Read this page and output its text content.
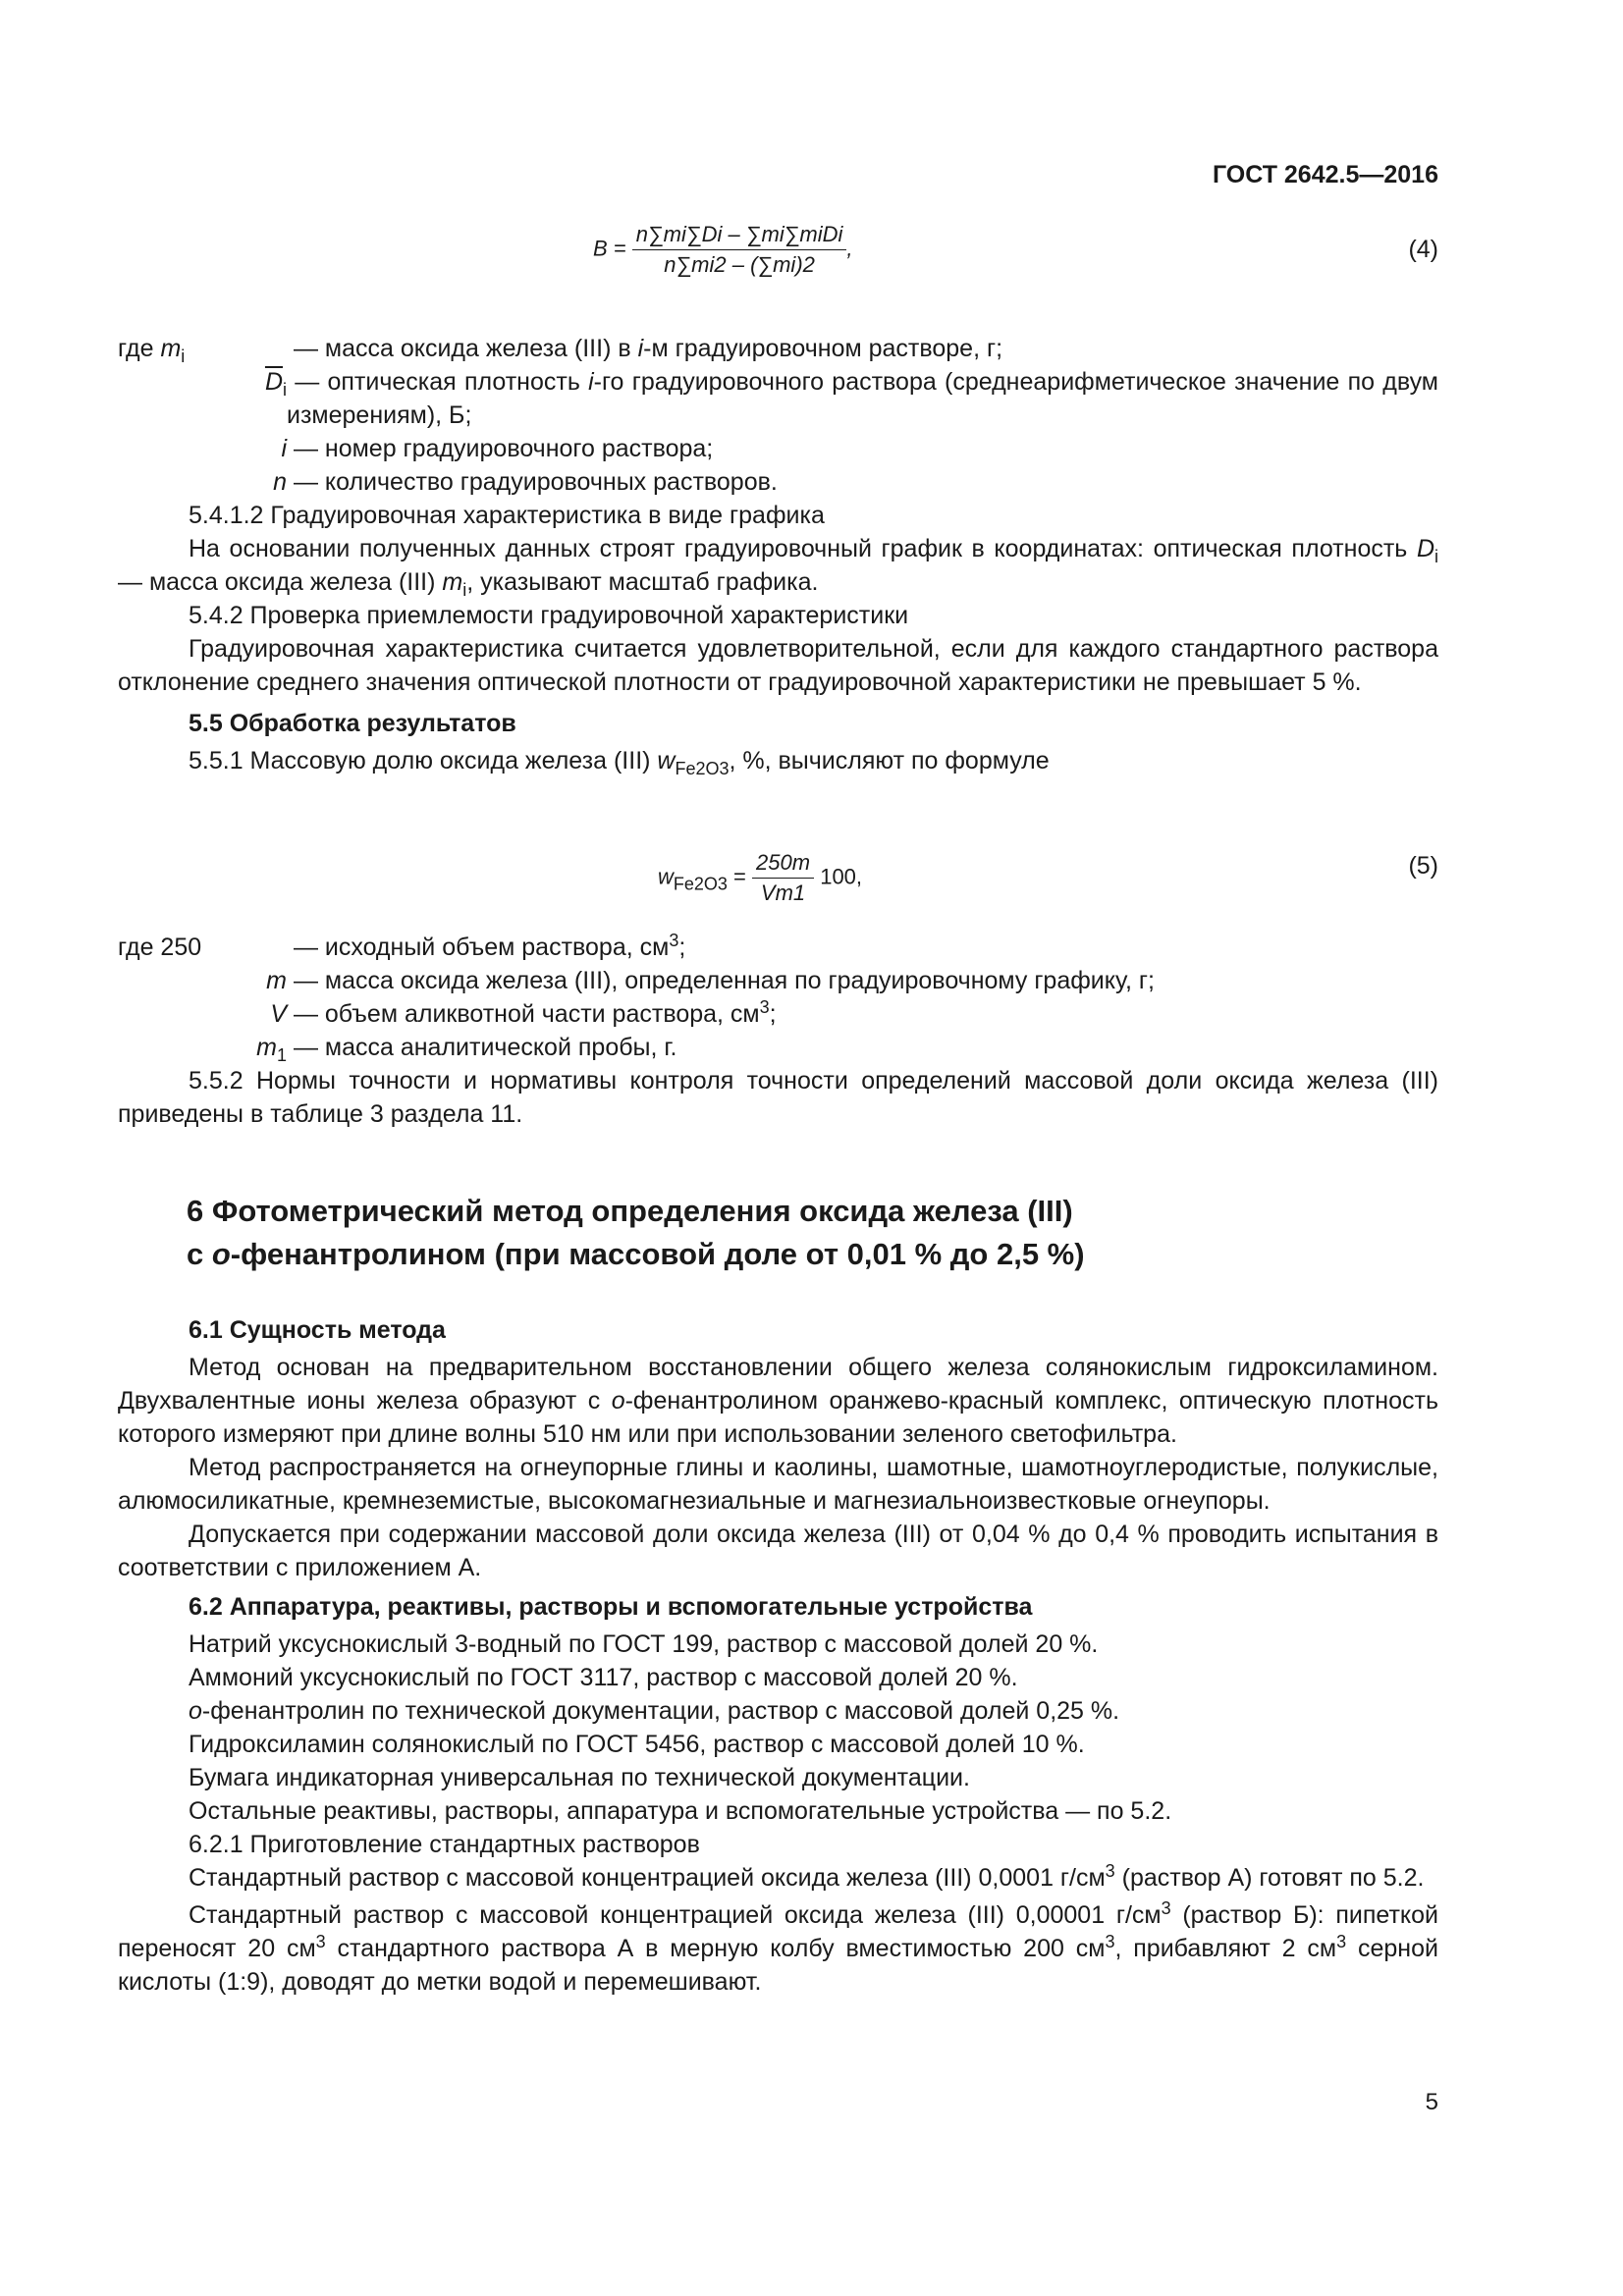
ГОСТ 2642.5—2016
$B = \frac{\text{n∑mi∑Di – ∑mi∑miDi}}{n\sum mi2 - (\sum mi)2}$ ,	(4)

где $m_i$	— масса оксида железа (III) в i-м градуировочном растворе, г;

$\overline{D}_i$ — оптическая плотность i-го градуировочного раствора (среднеарифметическое значение по двум измерениям), Б;

i — номер градуировочного раствора;

n — количество градуировочных растворов.

5.4.1.2 Градуировочная характеристика в виде графика

На основании полученных данных строят градуировочный график в координатах: оптическая плотность $D_i$ — масса оксида железа (III) $m_i$, указывают масштаб графика.

5.4.2 Проверка приемлемости градуировочной характеристики

Градуировочная характеристика считается удовлетворительной, если для каждого стандартного раствора отклонение среднего значения оптической плотности от градуировочной характеристики не превышает 5 %.

5.5 Обработка результатов

5.5.1 Массовую долю оксида железа (III) $w_{Fe2O3}$, %, вычисляют по формуле

$w_{Fe2O3} = \frac{250m}{Vm1} 100$,	(5)

где 250	— исходный объем раствора, $см^3$;

m — масса оксида железа (III), определенная по градуировочному графику, г;

V — объем аликвотной части раствора, $см^3$;

$m_1$ — масса аналитической пробы, г.

5.5.2 Нормы точности и нормативы контроля точности определений массовой доли оксида железа (III) приведены в таблице 3 раздела 11.

6 Фотометрический метод определения оксида железа (III)
с о-фенантролином (при массовой доле от 0,01 % до 2,5 %)

6.1 Сущность метода

Метод основан на предварительном восстановлении общего железа солянокислым гидроксиламином. Двухвалентные ионы железа образуют с о-фенантролином оранжево-красный комплекс, оптическую плотность которого измеряют при длине волны 510 нм или при использовании зеленого светофильтра.

Метод распространяется на огнеупорные глины и каолины, шамотные, шамотноуглеродистые, полукислые, алюмосиликатные, кремнеземистые, высокомагнезиальные и магнезиальноизвестковые огнеупоры.

Допускается при содержании массовой доли оксида железа (III) от 0,04 % до 0,4 % проводить испытания в соответствии с приложением А.

6.2 Аппаратура, реактивы, растворы и вспомогательные устройства

Натрий уксуснокислый 3-водный по ГОСТ 199, раствор с массовой долей 20 %.

Аммоний уксуснокислый по ГОСТ 3117, раствор с массовой долей 20 %.

о-фенантролин по технической документации, раствор с массовой долей 0,25 %.

Гидроксиламин солянокислый по ГОСТ 5456, раствор с массовой долей 10 %.

Бумага индикаторная универсальная по технической документации.

Остальные реактивы, растворы, аппаратура и вспомогательные устройства — по 5.2.

6.2.1 Приготовление стандартных растворов

Стандартный раствор с массовой концентрацией оксида железа (III) 0,0001 $г/см^3$ (раствор А) готовят по 5.2.

Стандартный раствор с массовой концентрацией оксида железа (III) 0,00001 $г/см^3$ (раствор Б): пипеткой переносят 20 $см^3$ стандартного раствора А в мерную колбу вместимостью 200 $см^3$, прибавляют 2 $см^3$ серной кислоты (1:9), доводят до метки водой и перемешивают.

5
